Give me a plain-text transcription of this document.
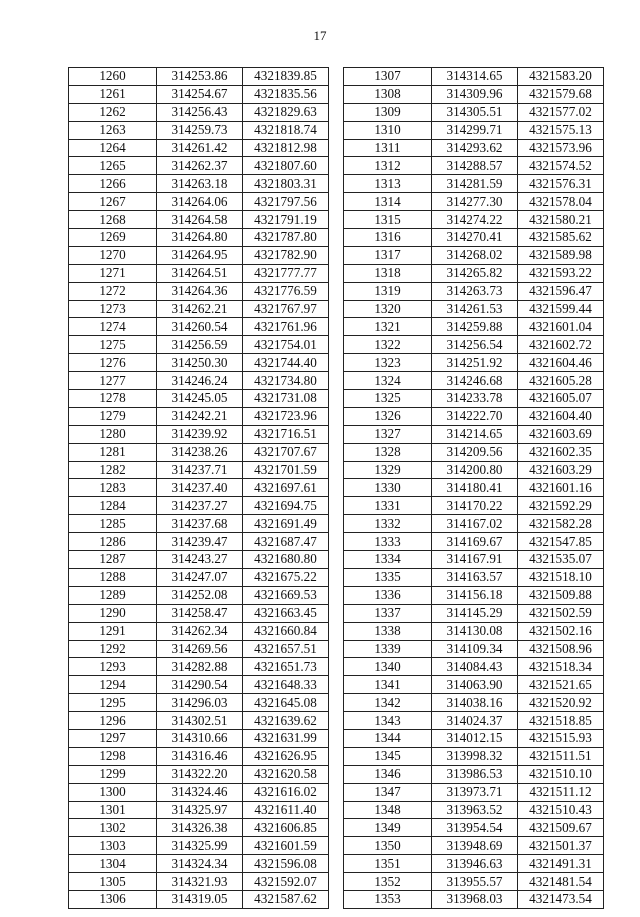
17
1260	314253.86	4321839.85
1261	314254.67	4321835.56
1262	314256.43	4321829.63
1263	314259.73	4321818.74
1264	314261.42	4321812.98
1265	314262.37	4321807.60
1266	314263.18	4321803.31
1267	314264.06	4321797.56
1268	314264.58	4321791.19
1269	314264.80	4321787.80
1270	314264.95	4321782.90
1271	314264.51	4321777.77
1272	314264.36	4321776.59
1273	314262.21	4321767.97
1274	314260.54	4321761.96
1275	314256.59	4321754.01
1276	314250.30	4321744.40
1277	314246.24	4321734.80
1278	314245.05	4321731.08
1279	314242.21	4321723.96
1280	314239.92	4321716.51
1281	314238.26	4321707.67
1282	314237.71	4321701.59
1283	314237.40	4321697.61
1284	314237.27	4321694.75
1285	314237.68	4321691.49
1286	314239.47	4321687.47
1287	314243.27	4321680.80
1288	314247.07	4321675.22
1289	314252.08	4321669.53
1290	314258.47	4321663.45
1291	314262.34	4321660.84
1292	314269.56	4321657.51
1293	314282.88	4321651.73
1294	314290.54	4321648.33
1295	314296.03	4321645.08
1296	314302.51	4321639.62
1297	314310.66	4321631.99
1298	314316.46	4321626.95
1299	314322.20	4321620.58
1300	314324.46	4321616.02
1301	314325.97	4321611.40
1302	314326.38	4321606.85
1303	314325.99	4321601.59
1304	314324.34	4321596.08
1305	314321.93	4321592.07
1306	314319.05	4321587.62
1307	314314.65	4321583.20
1308	314309.96	4321579.68
1309	314305.51	4321577.02
1310	314299.71	4321575.13
1311	314293.62	4321573.96
1312	314288.57	4321574.52
1313	314281.59	4321576.31
1314	314277.30	4321578.04
1315	314274.22	4321580.21
1316	314270.41	4321585.62
1317	314268.02	4321589.98
1318	314265.82	4321593.22
1319	314263.73	4321596.47
1320	314261.53	4321599.44
1321	314259.88	4321601.04
1322	314256.54	4321602.72
1323	314251.92	4321604.46
1324	314246.68	4321605.28
1325	314233.78	4321605.07
1326	314222.70	4321604.40
1327	314214.65	4321603.69
1328	314209.56	4321602.35
1329	314200.80	4321603.29
1330	314180.41	4321601.16
1331	314170.22	4321592.29
1332	314167.02	4321582.28
1333	314169.67	4321547.85
1334	314167.91	4321535.07
1335	314163.57	4321518.10
1336	314156.18	4321509.88
1337	314145.29	4321502.59
1338	314130.08	4321502.16
1339	314109.34	4321508.96
1340	314084.43	4321518.34
1341	314063.90	4321521.65
1342	314038.16	4321520.92
1343	314024.37	4321518.85
1344	314012.15	4321515.93
1345	313998.32	4321511.51
1346	313986.53	4321510.10
1347	313973.71	4321511.12
1348	313963.52	4321510.43
1349	313954.54	4321509.67
1350	313948.69	4321501.37
1351	313946.63	4321491.31
1352	313955.57	4321481.54
1353	313968.03	4321473.54
